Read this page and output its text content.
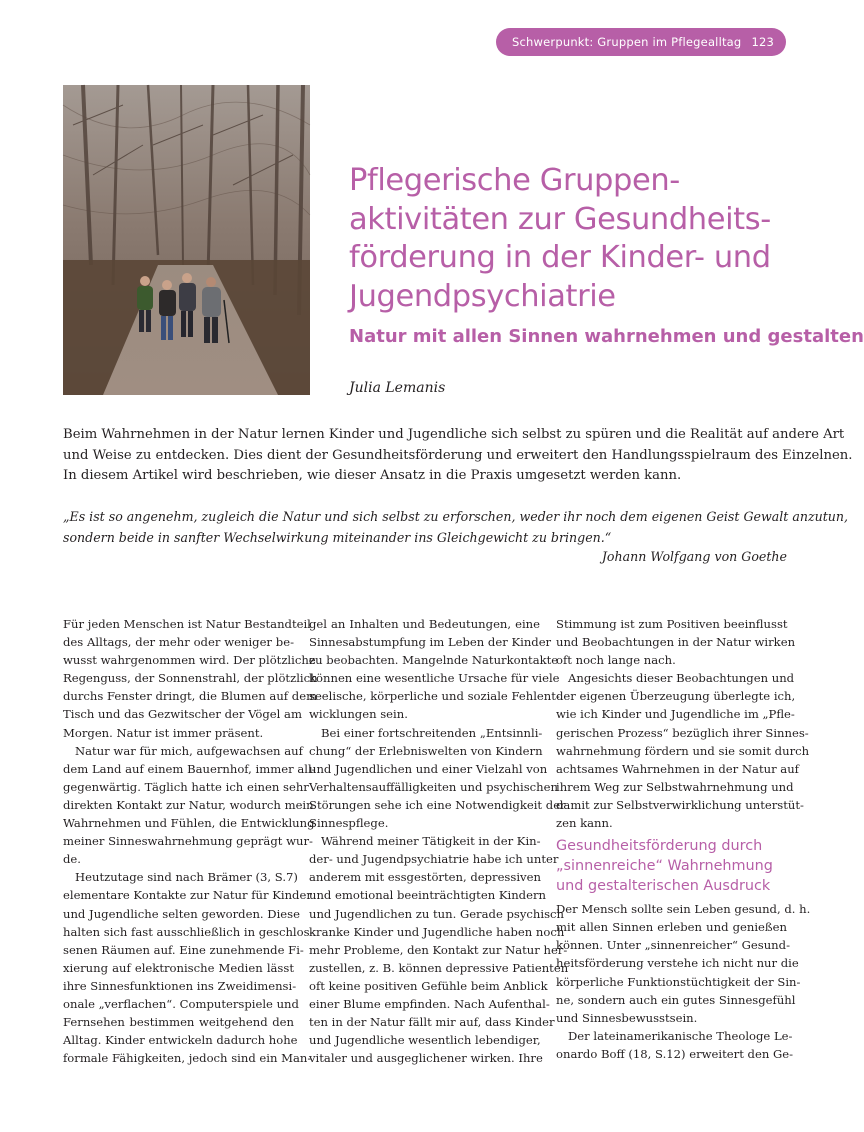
Schwerpunkt: Gruppen im Pflegealltag 123
Pflegerische Gruppen-
aktivitäten zur Gesundheits-
förderung in der Kinder- und
Jugendpsychiatrie
Natur mit allen Sinnen wahrnehmen und gestalten
Julia Lemanis
Beim Wahrnehmen in der Natur lernen Kinder und Jugendliche sich selbst zu spüren und die Realität auf andere Art
und Weise zu entdecken. Dies dient der Gesundheitsförderung und erweitert den Handlungsspielraum des Einzelnen.
In diesem Artikel wird beschrieben, wie dieser Ansatz in die Praxis umgesetzt werden kann.
„Es ist so angenehm, zugleich die Natur und sich selbst zu erforschen, weder ihr noch dem eigenen Geist Gewalt anzutun,
sondern beide in sanfter Wechselwirkung miteinander ins Gleichgewicht zu bringen.“
Johann Wolfgang von Goethe

Für jeden Menschen ist Natur Bestandteil
des Alltags, der mehr oder weniger be-
wusst wahrgenommen wird. Der plötzliche
Regenguss, der Sonnenstrahl, der plötzlich
durchs Fenster dringt, die Blumen auf dem
Tisch und das Gezwitscher der Vögel am
Morgen. Natur ist immer präsent.

Natur war für mich, aufgewachsen auf
dem Land auf einem Bauernhof, immer all-
gegenwärtig. Täglich hatte ich einen sehr
direkten Kontakt zur Natur, wodurch mein
Wahrnehmen und Fühlen, die Entwicklung
meiner Sinneswahrnehmung geprägt wur-
de.

Heutzutage sind nach Brämer (3, S.7)
elementare Kontakte zur Natur für Kinder
und Jugendliche selten geworden. Diese
halten sich fast ausschließlich in geschlos-
senen Räumen auf. Eine zunehmende Fi-
xierung auf elektronische Medien lässt
ihre Sinnesfunktionen ins Zweidimensi-
onale „verflachen“. Computerspiele und
Fernsehen bestimmen weitgehend den
Alltag. Kinder entwickeln dadurch hohe
formale Fähigkeiten, jedoch sind ein Man-

gel an Inhalten und Bedeutungen, eine
Sinnesabstumpfung im Leben der Kinder
zu beobachten. Mangelnde Naturkontakte
können eine wesentliche Ursache für viele
seelische, körperliche und soziale Fehlent-
wicklungen sein.

Bei einer fortschreitenden „Entsinnli-
chung“ der Erlebniswelten von Kindern
und Jugendlichen und einer Vielzahl von
Verhaltensauffälligkeiten und psychischen
Störungen sehe ich eine Notwendigkeit der
Sinnespflege.

Während meiner Tätigkeit in der Kin-
der- und Jugendpsychiatrie habe ich unter
anderem mit essgestörten, depressiven
und emotional beeinträchtigten Kindern
und Jugendlichen zu tun. Gerade psychisch
kranke Kinder und Jugendliche haben noch
mehr Probleme, den Kontakt zur Natur her-
zustellen, z. B. können depressive Patienten
oft keine positiven Gefühle beim Anblick
einer Blume empfinden. Nach Aufenthal-
ten in der Natur fällt mir auf, dass Kinder
und Jugendliche wesentlich lebendiger,
vitaler und ausgeglichener wirken. Ihre

Stimmung ist zum Positiven beeinflusst
und Beobachtungen in der Natur wirken
oft noch lange nach.

Angesichts dieser Beobachtungen und
der eigenen Überzeugung überlegte ich,
wie ich Kinder und Jugendliche im „Pfle-
gerischen Prozess“ bezüglich ihrer Sinnes-
wahrnehmung fördern und sie somit durch
achtsames Wahrnehmen in der Natur auf
ihrem Weg zur Selbstwahrnehmung und
damit zur Selbstverwirklichung unterstüt-
zen kann.

Gesundheitsförderung durch
„sinnenreiche“ Wahrnehmung
und gestalterischen Ausdruck

Der Mensch sollte sein Leben gesund, d. h.
mit allen Sinnen erleben und genießen
können. Unter „sinnenreicher“ Gesund-
heitsförderung verstehe ich nicht nur die
körperliche Funktionstüchtigkeit der Sin-
ne, sondern auch ein gutes Sinnesgefühl
und Sinnesbewusstsein.

Der lateinamerikanische Theologe Le-
onardo Boff (18, S.12) erweitert den Ge-
